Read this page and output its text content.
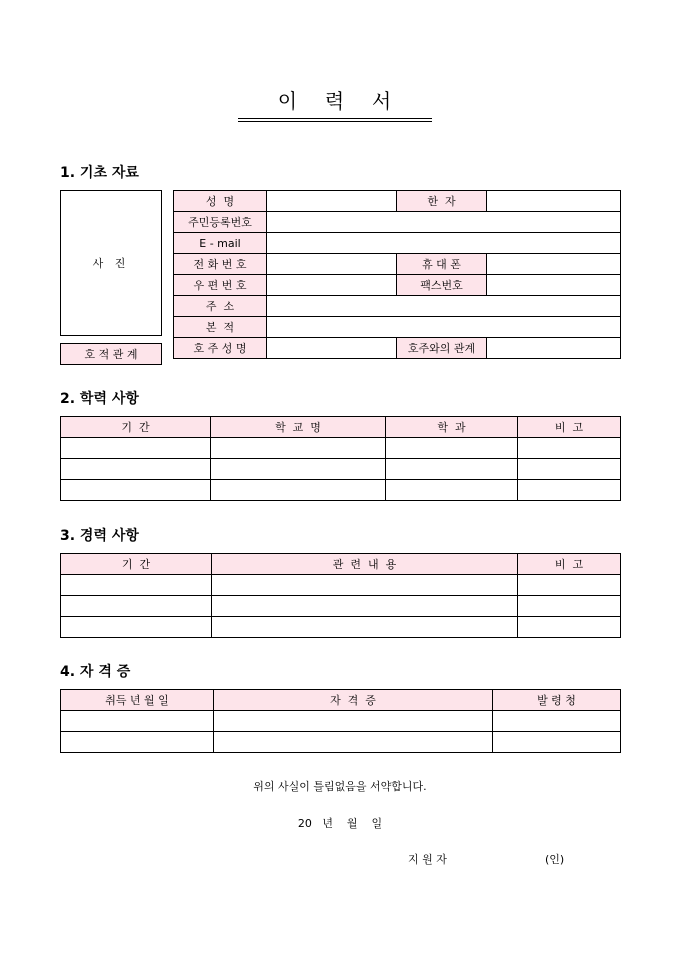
이  력  서
1. 기초 자료
사 진
성  명		한  자	
주민등록번호			
E - mail			
전 화 번 호		휴 대 폰	
우 편 번 호		팩스번호	
주  소			
본  적			
호 주 성 명		호주와의 관계	
호 적 관 계
2. 학력 사항
기  간	학  교  명	학  과	비  고

3. 경력 사항
기  간	관  련  내  용	비  고

4. 자 격 증
취득 년 월 일	자  격  증	발 령 청

위의 사실이 틀림없음을 서약합니다.
20   년    월    일
지 원 자	(인)
